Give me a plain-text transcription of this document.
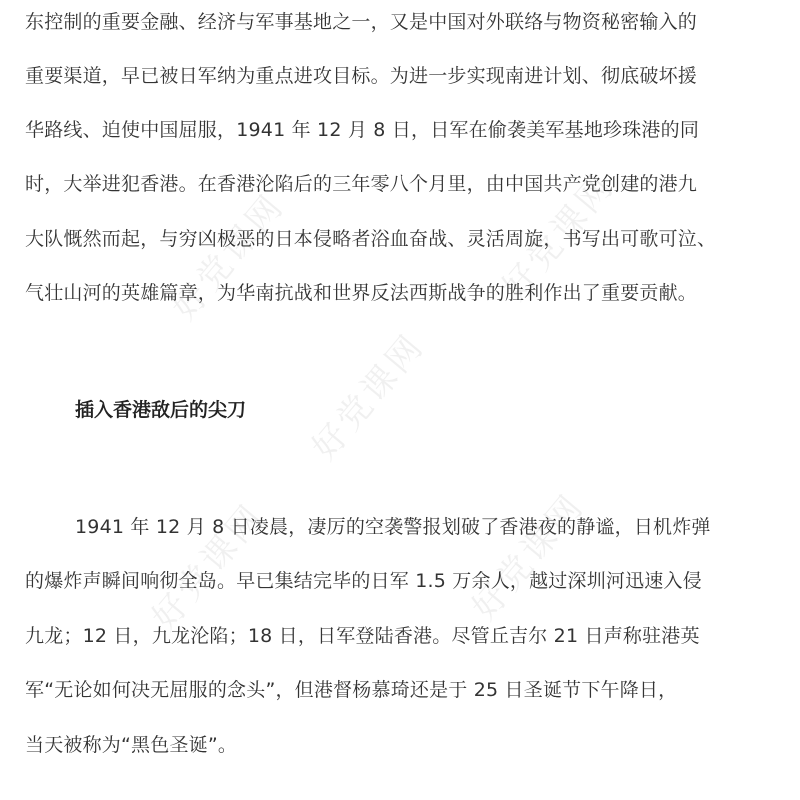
好党课网	好党课网
好党课网
好党课网	好党课网
东控制的重要金融、经济与军事基地之一，又是中国对外联络与物资秘密输入的
重要渠道，早已被日军纳为重点进攻目标。为进一步实现南进计划、彻底破坏援
华路线、迫使中国屈服，1941 年 12 月 8 日，日军在偷袭美军基地珍珠港的同
时，大举进犯香港。在香港沦陷后的三年零八个月里，由中国共产党创建的港九
大队慨然而起，与穷凶极恶的日本侵略者浴血奋战、灵活周旋，书写出可歌可泣、
气壮山河的英雄篇章，为华南抗战和世界反法西斯战争的胜利作出了重要贡献。
插入香港敌后的尖刀
1941 年 12 月 8 日凌晨，凄厉的空袭警报划破了香港夜的静谧，日机炸弹
的爆炸声瞬间响彻全岛。早已集结完毕的日军 1.5 万余人，越过深圳河迅速入侵
九龙；12 日，九龙沦陷；18 日，日军登陆香港。尽管丘吉尔 21 日声称驻港英
军“无论如何决无屈服的念头”，但港督杨慕琦还是于 25 日圣诞节下午降日，
当天被称为“黑色圣诞”。
